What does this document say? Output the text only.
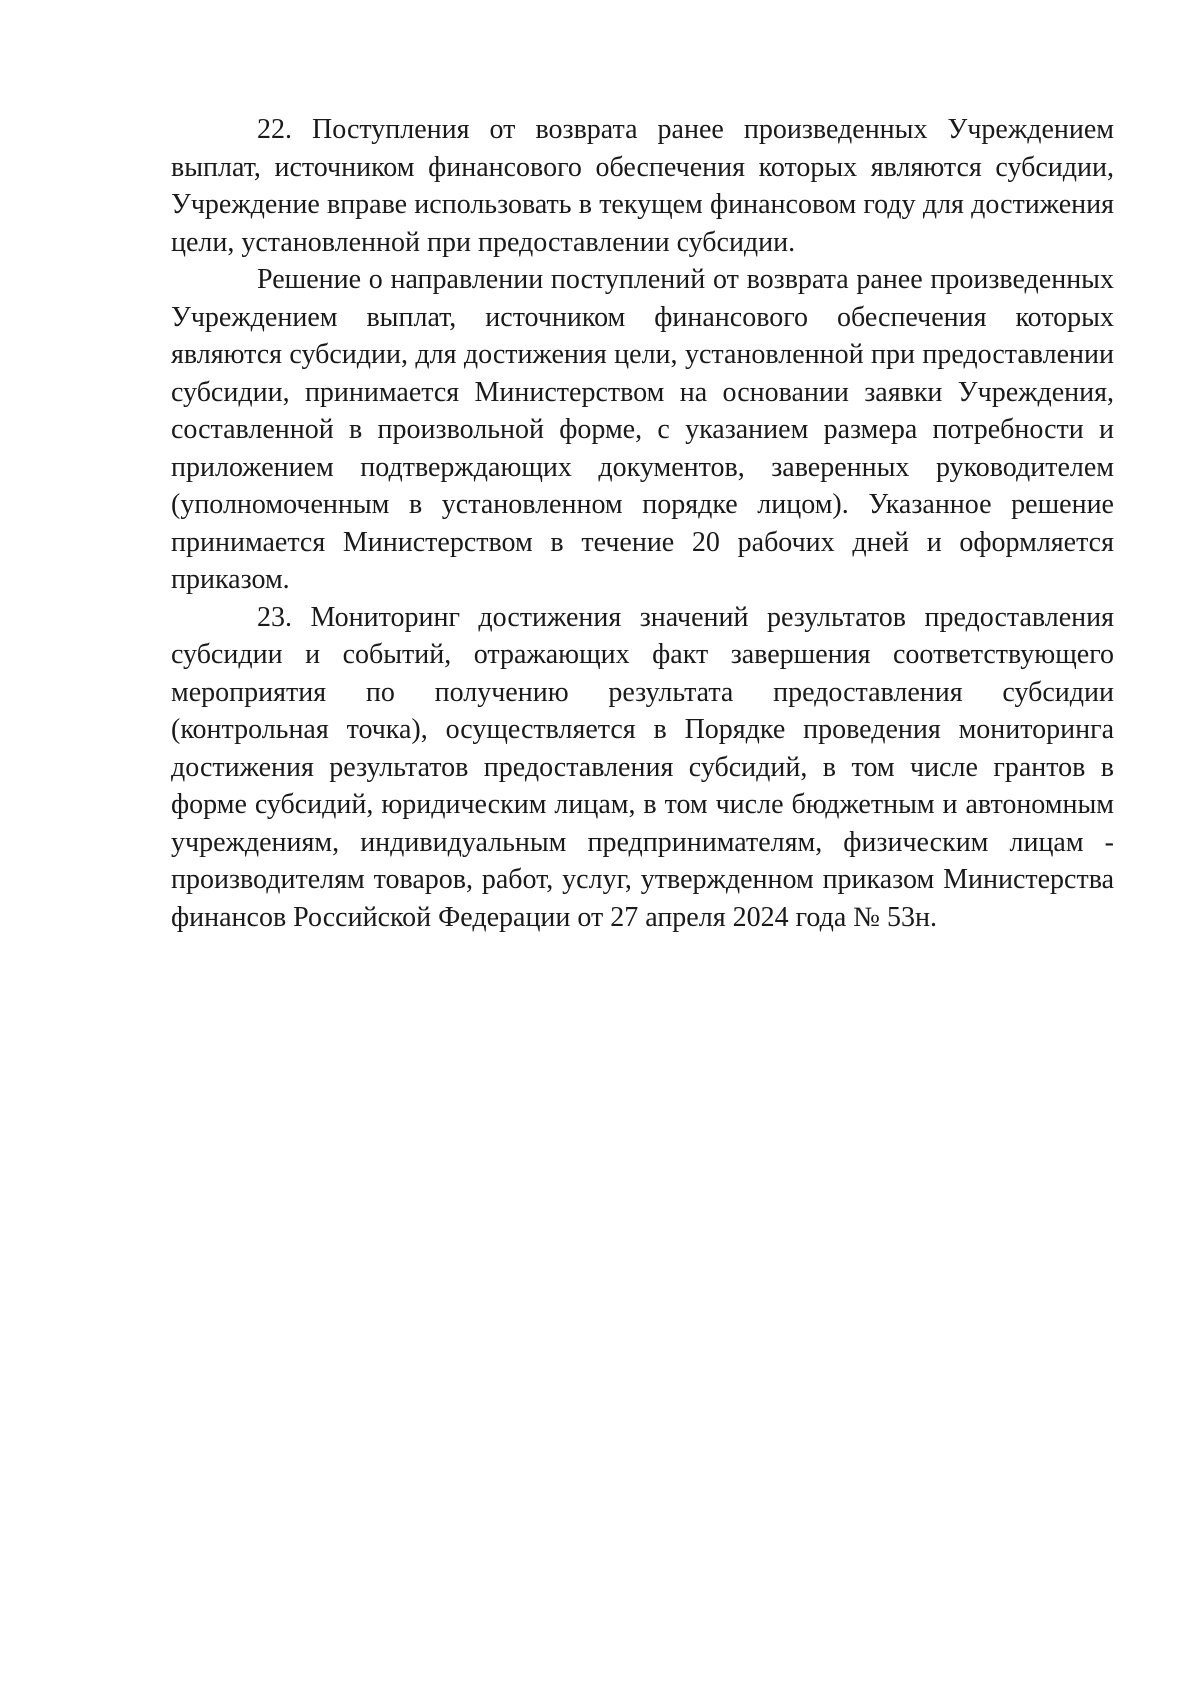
22. Поступления от возврата ранее произведенных Учреждением выплат, источником финансового обеспечения которых являются субсидии, Учреждение вправе использовать в текущем финансовом году для достижения цели, установленной при предоставлении субсидии.

Решение о направлении поступлений от возврата ранее произведенных Учреждением выплат, источником финансового обеспечения которых являются субсидии, для достижения цели, установленной при предоставлении субсидии, принимается Министерством на основании заявки Учреждения, составленной в произвольной форме, с указанием размера потребности и приложением подтверждающих документов, заверенных руководителем (уполномоченным в установленном порядке лицом). Указанное решение принимается Министерством в течение 20 рабочих дней и оформляется приказом.

23. Мониторинг достижения значений результатов предоставления субсидии и событий, отражающих факт завершения соответствующего мероприятия по получению результата предоставления субсидии (контрольная точка), осуществляется в Порядке проведения мониторинга достижения результатов предоставления субсидий, в том числе грантов в форме субсидий, юридическим лицам, в том числе бюджетным и автономным учреждениям, индивидуальным предпринимателям, физическим лицам - производителям товаров, работ, услуг, утвержденном приказом Министерства финансов Российской Федерации от 27 апреля 2024 года № 53н.
